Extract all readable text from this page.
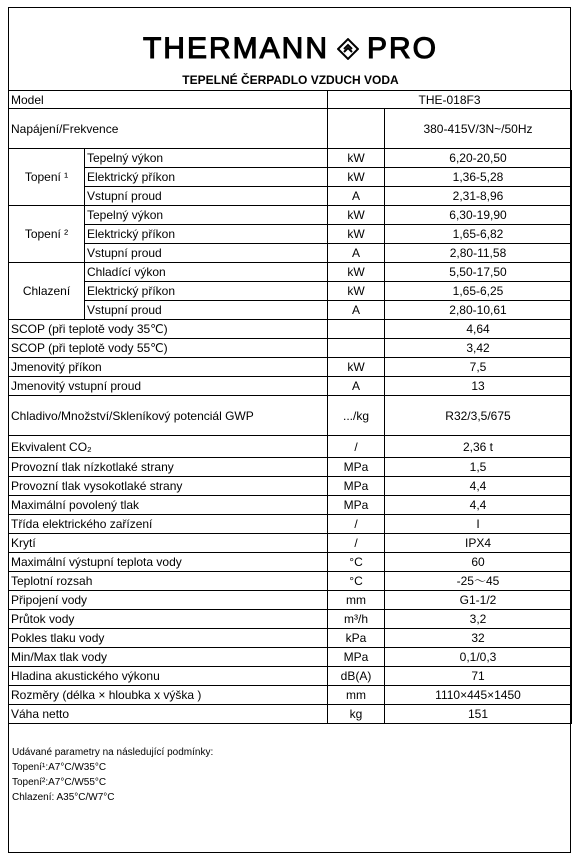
THERMANN PRO
TEPELNÉ ČERPADLO VZDUCH VODA
Model		THE-018F3	
Napájení/Frekvence			380-415V/3N~/50Hz
Topení ¹	Tepelný výkon	kW	6,20-20,50
	Elektrický příkon	kW	1,36-5,28
	Vstupní proud	A	2,31-8,96
Topení ²	Tepelný výkon	kW	6,30-19,90
	Elektrický příkon	kW	1,65-6,82
	Vstupní proud	A	2,80-11,58
Chlazení	Chladící výkon	kW	5,50-17,50
	Elektrický příkon	kW	1,65-6,25
	Vstupní proud	A	2,80-10,61
SCOP (při teplotě vody 35℃)			4,64
SCOP (při teplotě vody 55℃)			3,42
Jmenovitý příkon		kW	7,5
Jmenovitý vstupní proud		A	13
Chladivo/Množství/Skleníkový potenciál GWP		.../kg	R32/3,5/675
Ekvivalent CO₂		/	2,36 t
Provozní tlak nízkotlaké strany		MPa	1,5
Provozní tlak vysokotlaké strany		MPa	4,4
Maximální povolený tlak		MPa	4,4
Třída elektrického zařízení		/	I
Krytí		/	IPX4
Maximální výstupní teplota vody		°C	60
Teplotní rozsah		°C	-25～45
Připojení vody		mm	G1-1/2
Průtok vody		m³/h	3,2
Pokles tlaku vody		kPa	32
Min/Max tlak vody		MPa	0,1/0,3
Hladina akustického výkonu		dB(A)	71
Rozměry (délka × hloubka x výška )		mm	1110×445×1450
Váha netto		kg	151
Udávané parametry na následující podmínky:
Topení¹:A7°C/W35°C
Topení²:A7°C/W55°C
Chlazení: A35°C/W7°C
